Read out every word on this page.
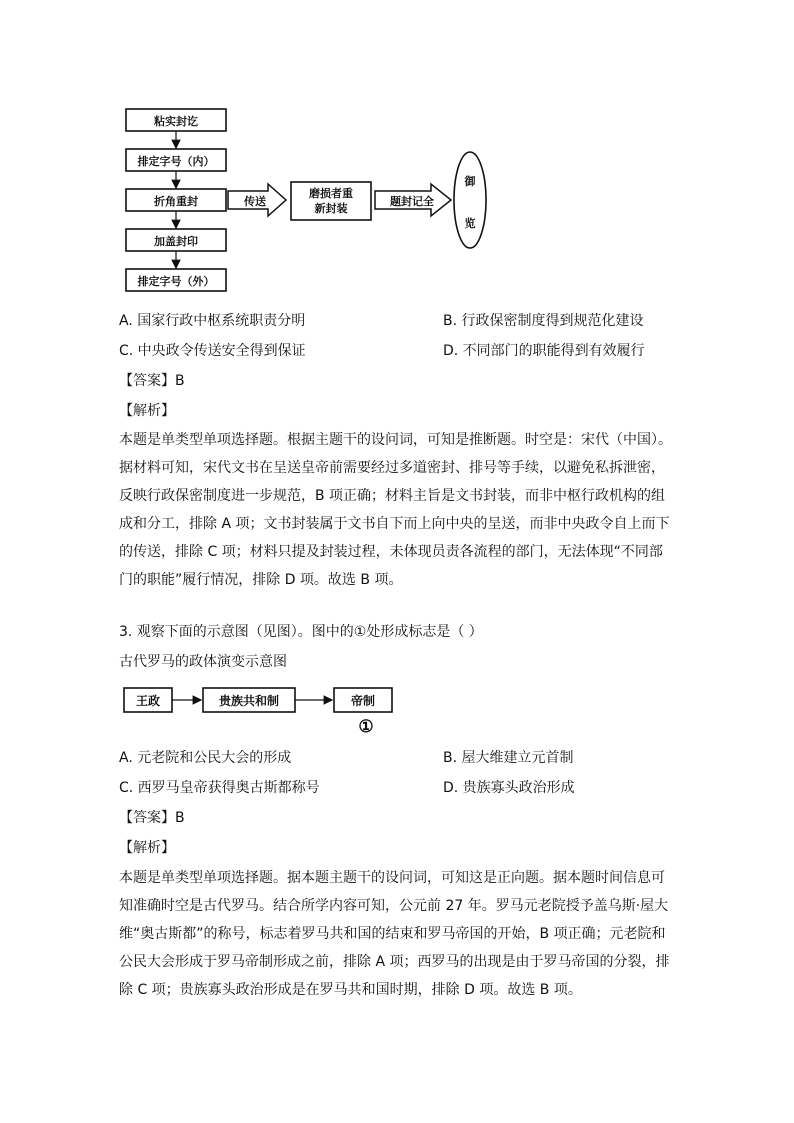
粘实封讫
排定字号（内）
折角重封
加盖封印
排定字号（外）
传送
磨损者重
新封装
题封记全
御
览
A. 国家行政中枢系统职责分明	B. 行政保密制度得到规范化建设
C. 中央政令传送安全得到保证	D. 不同部门的职能得到有效履行
【答案】B
【解析】
本题是单类型单项选择题。根据主题干的设问词，可知是推断题。时空是：宋代（中国）。
据材料可知，宋代文书在呈送皇帝前需要经过多道密封、排号等手续，以避免私拆泄密，
反映行政保密制度进一步规范，B 项正确；材料主旨是文书封装，而非中枢行政机构的组
成和分工，排除 A 项；文书封装属于文书自下而上向中央的呈送，而非中央政令自上而下
的传送，排除 C 项；材料只提及封装过程，未体现员责各流程的部门，无法体现“不同部
门的职能”履行情况，排除 D 项。故选 B 项。
3. 观察下面的示意图（见图）。图中的①处形成标志是（ ）
古代罗马的政体演变示意图
王政	贵族共和制	帝制
①
A. 元老院和公民大会的形成	B. 屋大维建立元首制
C. 西罗马皇帝获得奥古斯都称号	D. 贵族寡头政治形成
【答案】B
【解析】
本题是单类型单项选择题。据本题主题干的设问词，可知这是正向题。据本题时间信息可
知准确时空是古代罗马。结合所学内容可知，公元前 27 年。罗马元老院授予盖乌斯·屋大
维“奥古斯都”的称号，标志着罗马共和国的结束和罗马帝国的开始，B 项正确；元老院和
公民大会形成于罗马帝制形成之前，排除 A 项；西罗马的出现是由于罗马帝国的分裂，排
除 C 项；贵族寡头政治形成是在罗马共和国时期，排除 D 项。故选 B 项。
